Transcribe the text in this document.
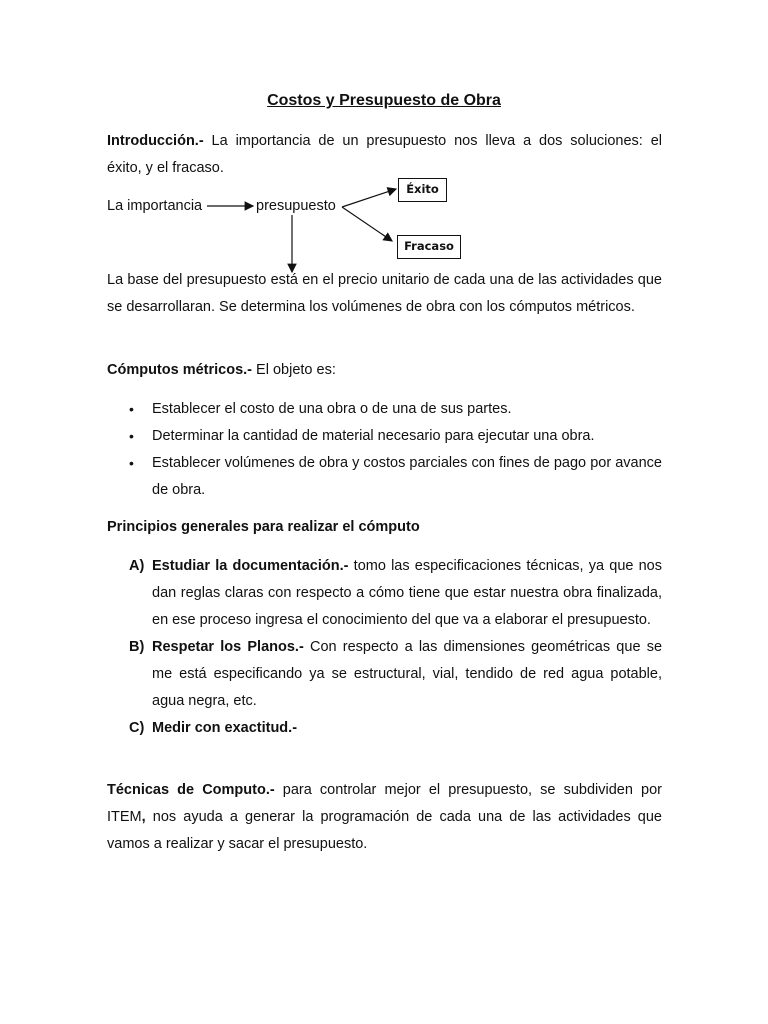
Costos y Presupuesto de Obra
Introducción.- La importancia de un presupuesto nos lleva a dos soluciones: el
éxito, y el fracaso.
La importancia	presupuesto
Éxito
Fracaso
La base del presupuesto está en el precio unitario de cada una de las actividades que se desarrollaran. Se determina los volúmenes de obra con los cómputos métricos.
Cómputos métricos.- El objeto es:
• Establecer el costo de una obra o de una de sus partes.
• Determinar la cantidad de material necesario para ejecutar una obra.
• Establecer volúmenes de obra y costos parciales con fines de pago por avance de obra.
Principios generales para realizar el cómputo
A) Estudiar la documentación.- tomo las especificaciones técnicas, ya que nos dan reglas claras con respecto a cómo tiene que estar nuestra obra finalizada, en ese proceso ingresa el conocimiento del que va a elaborar el presupuesto.
B) Respetar los Planos.- Con respecto a las dimensiones geométricas que se me está especificando ya se estructural, vial, tendido de red agua potable, agua negra, etc.
C) Medir con exactitud.-
Técnicas de Computo.- para controlar mejor el presupuesto, se subdividen por ITEM, nos ayuda a generar la programación de cada una de las actividades que vamos a realizar y sacar el presupuesto.
